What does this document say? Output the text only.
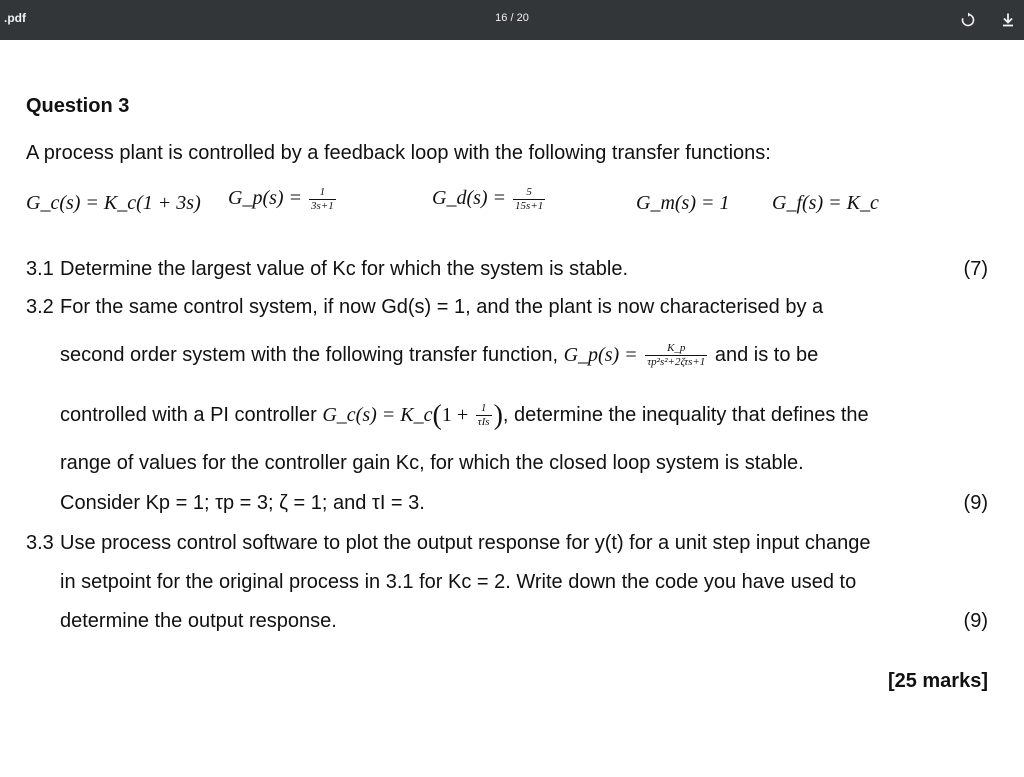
.pdf	16 / 20
Question 3
A process plant is controlled by a feedback loop with the following transfer functions:
G_c(s) = K_c(1 + 3s) G_p(s) = $\frac{1}{3s+1}$	G_d(s) = $\frac{5}{15s+1}$	G_m(s) = 1 G_f(s) = K_c
3.1 Determine the largest value of Kc for which the system is stable.	(7)
3.2 For the same control system, if now Gd(s) = 1, and the plant is now characterised by a
second order system with the following transfer function, G_p(s) = $\frac{K\_p}{\text{τp²s²+2ζτs+1}}$ and is to be
controlled with a PI controller G_c(s) = K_c(1 + $\frac{1}{\text{τIs}}$ ), determine the inequality that defines the
range of values for the controller gain Kc, for which the closed loop system is stable.
Consider Kp = 1; τp = 3; ζ = 1; and τI = 3.	(9)
3.3 Use process control software to plot the output response for y(t) for a unit step input change
in setpoint for the original process in 3.1 for Kc = 2. Write down the code you have used to
determine the output response.	(9)
[25 marks]
